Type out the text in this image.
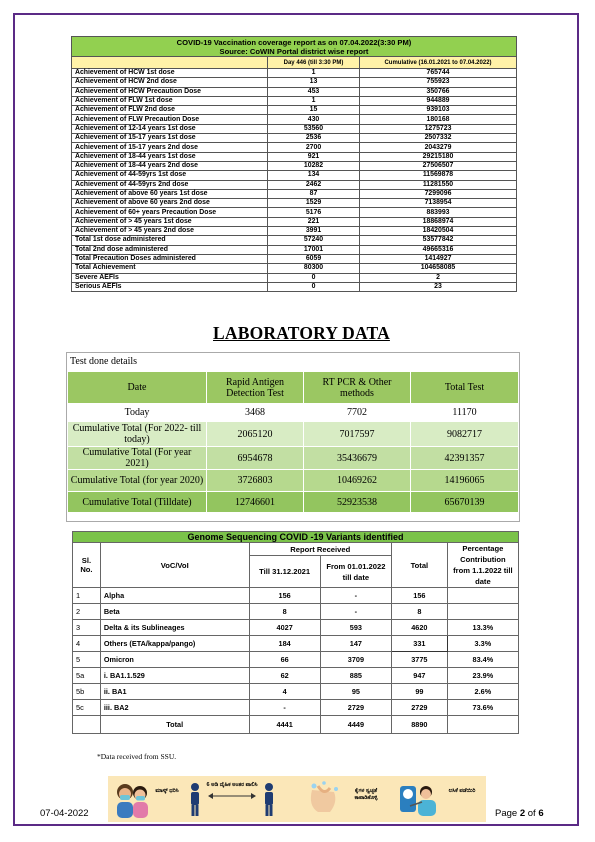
COVID-19 Vaccination coverage report as on 07.04.2022(3:30 PM)
Source: CoWIN Portal district wise report		
	Day 446 (till 3:30 PM)	Cumulative (16.01.2021 to 07.04.2022)
Achievement of HCW 1st dose	1	765744
Achievement of HCW 2nd dose	13	755923
Achievement of HCW Precaution Dose	453	350766
Achievement of FLW 1st dose	1	944889
Achievement of FLW 2nd dose	15	939103
Achievement of FLW Precaution Dose	430	180168
Achievement of 12-14 years 1st dose	53560	1275723
Achievement of 15-17 years 1st dose	2536	2507332
Achievement of 15-17 years 2nd dose	2700	2043279
Achievement of 18-44 years 1st dose	921	29215180
Achievement of 18-44 years 2nd dose	10282	27506507
Achievement of 44-59yrs 1st dose	134	11569878
Achievement of 44-59yrs 2nd dose	2462	11281550
Achievement of above 60 years 1st dose	87	7299096
Achievement of above 60 years 2nd dose	1529	7138954
Achievement of 60+ years Precaution Dose	5176	883993
Achievement of > 45 years 1st dose	221	18868974
Achievement of > 45 years 2nd dose	3991	18420504
Total 1st dose administered	57240	53577842
Total 2nd dose administered	17001	49665316
Total Precaution Doses administered	6059	1414927
Total Achievement	80300	104658085
Severe AEFIs	0	2
Serious AEFIs	0	23
LABORATORY DATA
Test done details
Date	Rapid Antigen Detection Test	RT PCR & Other methods	Total Test
Today	3468	7702	11170
Cumulative Total (For 2022- till today)	2065120	7017597	9082717
Cumulative Total (For year 2021)	6954678	35436679	42391357
Cumulative Total (for year 2020)	3726803	10469262	14196065
Cumulative Total (Tilldate)	12746601	52923538	65670139
Genome Sequencing COVID -19 Variants identified					
Sl. No.	VoC/VoI	Report Received		Total	Percentage Contribution from 1.1.2022 till date
		Till 31.12.2021	From 01.01.2022 till date		
1	Alpha	156	-	156	
2	Beta	8	-	8	
3	Delta & its Sublineages	4027	593	4620	13.3%
4	Others (ETA/kappa/pango)	184	147	331	3.3%
5	Omicron	66	3709	3775	83.4%
5a	i. BA1.1.529	62	885	947	23.9%
5b	ii. BA1	4	95	99	2.6%
5c	iii. BA2	-	2729	2729	73.6%
	Total	4441	4449	8890	
*Data received from SSU.
ಮಾಸ್ಕ್ ಧರಿಸಿ
6 ಅಡಿ ದೈಹಿಕ ಅಂತರ ಪಾಲಿಸಿ
ಕೈಗಳ ಸ್ವಚ್ಛತೆ ಕಾಪಾಡಿಕೊಳ್ಳಿ
ಲಸಿಕೆ ಪಡೆಯಿರಿ
07-04-2022	Page 2 of 6
